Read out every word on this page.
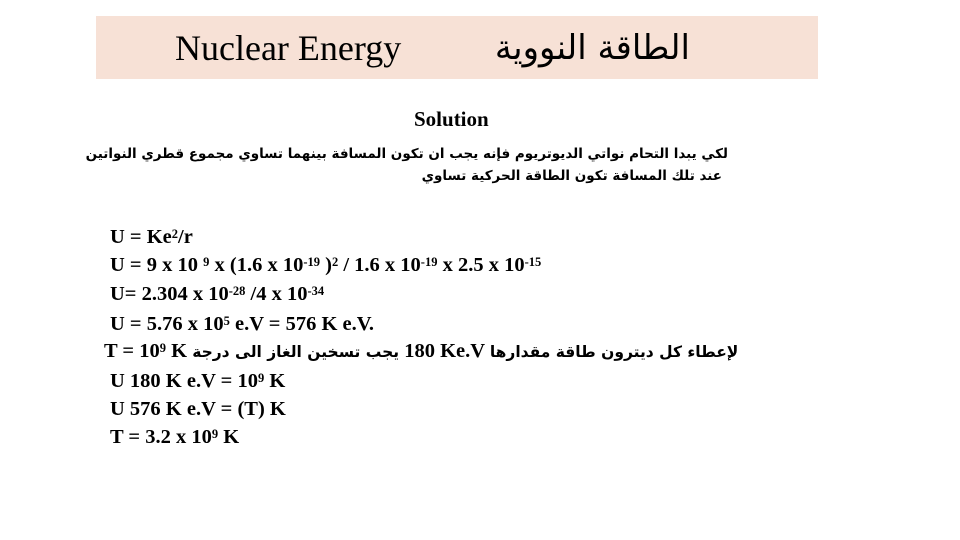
Nuclear Energy	الطاقة النووية
Solution
لكي يبدا التحام نواتي الديوتريوم فإنه يجب ان تكون المسافة بينهما تساوي مجموع قطري النواتين
عند تلك المسافة تكون الطاقة الحركية تساوي
$U = Ke^2/r$
U = 9 x 10 $^9$ x (1.6 x $10^{-19}$ )$^2$ / 1.6 x $10^{-19}$ x 2.5 x $10^{-15}$
U= 2.304 x $10^{-28}$ /4 x $10^{-34}$
U = 5.76 x $10^5$ e.V = 576 K e.V.
$T = 10^9$ K يجب تسخين الغاز الى درجة 180 Ke.V لإعطاء كل ديترون طاقة مقدارها
U 180 K $e.V = 10^9$ K
U 576 K e.V = (T) K
T = 3.2 x $10^9$ K
